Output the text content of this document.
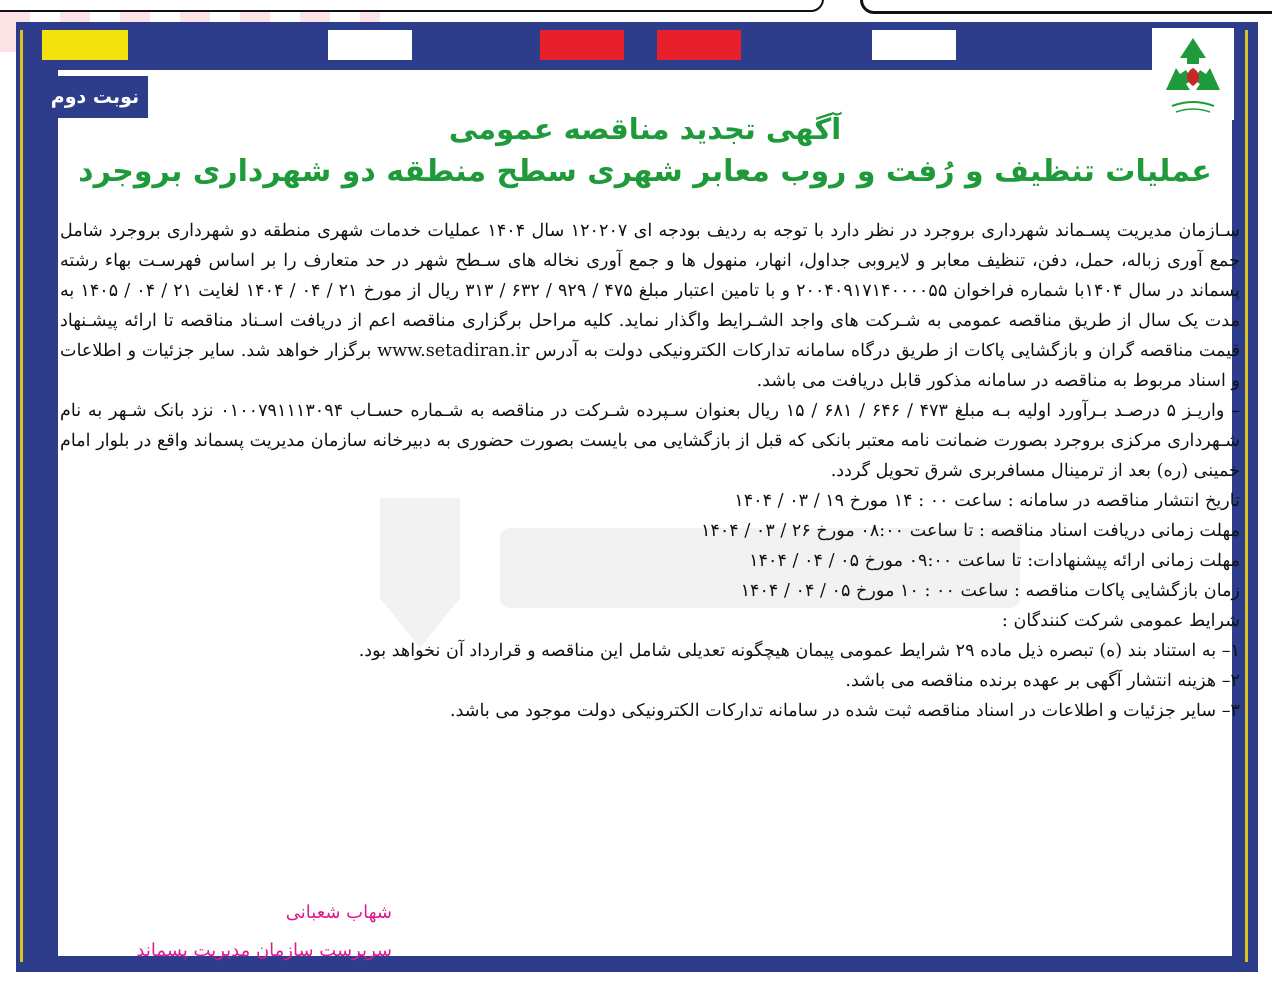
نوبت دوم
آگهی تجدید مناقصه عمومی
عملیات تنظیف و رُفت و روب معابر شهری سطح منطقه دو شهرداری بروجرد

سـازمان مدیریت پسـماند شهرداری بروجرد در نظر دارد با توجه به ردیف بودجه ای ۱۲۰۲۰۷ سال ۱۴۰۴ عملیات خدمات شهری منطقه دو شهرداری بروجرد شامل جمع آوری زباله، حمل، دفن، تنظیف معابر و لایروبی جداول، انهار، منهول ها و جمع آوری نخاله های سـطح شهر در حد متعارف را بر اساس فهرسـت بهاء رشته پسماند در سال ۱۴۰۴با شماره فراخوان ۲۰۰۴۰۹۱۷۱۴۰۰۰۰۵۵ و با تامین اعتبار مبلغ ۴۷۵ / ۹۲۹ / ۶۳۲ / ۳۱۳ ریال از مورخ ۲۱ / ۰۴ / ۱۴۰۴ لغایت ۲۱ / ۰۴ / ۱۴۰۵ به مدت یک سال از طریق مناقصه عمومی به شـرکت های واجد الشـرایط واگذار نماید. کلیه مراحل برگزاری مناقصه اعم از دریافت اسـناد مناقصه تا ارائه پیشـنهاد قیمت مناقصه گران و بازگشایی پاکات از طریق درگاه سامانه تدارکات الکترونیکی دولت به آدرس www.setadiran.ir برگزار خواهد شد. سایر جزئیات و اطلاعات و اسناد مربوط به مناقصه در سامانه مذکور قابل دریافت می باشد.

– واریـز ۵ درصـد بـرآورد اولیه بـه مبلغ ۴۷۳ / ۶۴۶ / ۶۸۱ / ۱۵ ریال بعنوان سـپرده شـرکت در مناقصه به شـماره حسـاب ۰۱۰۰۷۹۱۱۱۳۰۹۴ نزد بانک شـهر به نام شـهرداری مرکزی بروجرد بصورت ضمانت نامه معتبر بانکی که قبل از بازگشایی می بایست بصورت حضوری به دبیرخانه سازمان مدیریت پسماند واقع در بلوار امام خمینی (ره) بعد از ترمینال مسافربری شرق تحویل گردد.

تاریخ انتشار مناقصه در سامانه : ساعت ۰۰ : ۱۴ مورخ ۱۹ / ۰۳ / ۱۴۰۴

مهلت زمانی دریافت اسناد مناقصه : تا ساعت ۰۸:۰۰ مورخ ۲۶ / ۰۳ / ۱۴۰۴

مهلت زمانی ارائه پیشنهادات: تا ساعت ۰۹:۰۰ مورخ ۰۵ / ۰۴ / ۱۴۰۴

زمان بازگشایی پاکات مناقصه : ساعت ۰۰ : ۱۰ مورخ ۰۵ / ۰۴ / ۱۴۰۴

شرایط عمومی شرکت کنندگان :

۱– به استناد بند (ه) تبصره ذیل ماده ۲۹ شرایط عمومی پیمان هیچگونه تعدیلی شامل این مناقصه و قرارداد آن نخواهد بود.

۲– هزینه انتشار آگهی بر عهده برنده مناقصه می باشد.

۳– سایر جزئیات و اطلاعات در اسناد مناقصه ثبت شده در سامانه تدارکات الکترونیکی دولت موجود می باشد.

شهاب شعبانی
سرپرست سازمان مدیریت پسماند
